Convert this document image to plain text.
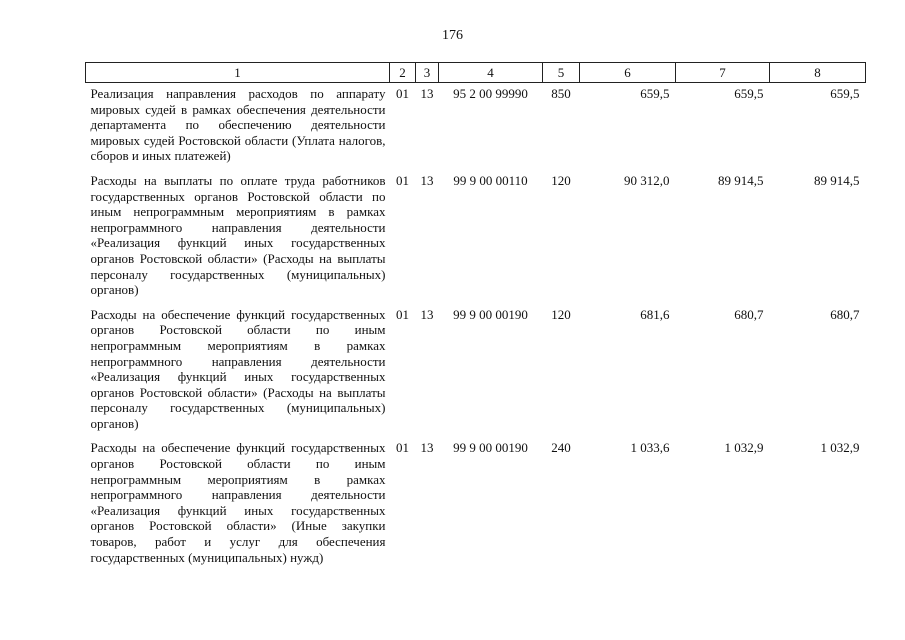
176
1	2	3	4	5	6	7	8
Реализация направления расходов по аппарату мировых судей в рамках обеспечения деятельности департамента по обеспечению деятельности мировых судей Ростовской области (Уплата налогов, сборов и иных платежей)	01	13	95 2 00 99990	850	659,5	659,5	659,5
Расходы на выплаты по оплате труда работников государственных органов Ростовской области по иным непрограммным мероприятиям в рамках непрограммного направления деятельности «Реализация функций иных государственных органов Ростовской области» (Расходы на выплаты персоналу государственных (муниципальных) органов)	01	13	99 9 00 00110	120	90 312,0	89 914,5	89 914,5
Расходы на обеспечение функций государственных органов Ростовской области по иным непрограммным мероприятиям в рамках непрограммного направления деятельности «Реализация функций иных государственных органов Ростовской области» (Расходы на выплаты персоналу государственных (муниципальных) органов)	01	13	99 9 00 00190	120	681,6	680,7	680,7
Расходы на обеспечение функций государственных органов Ростовской области по иным непрограммным мероприятиям в рамках непрограммного направления деятельности «Реализация функций иных государственных органов Ростовской области» (Иные закупки товаров, работ и услуг для обеспечения государственных (муниципальных) нужд)	01	13	99 9 00 00190	240	1 033,6	1 032,9	1 032,9
